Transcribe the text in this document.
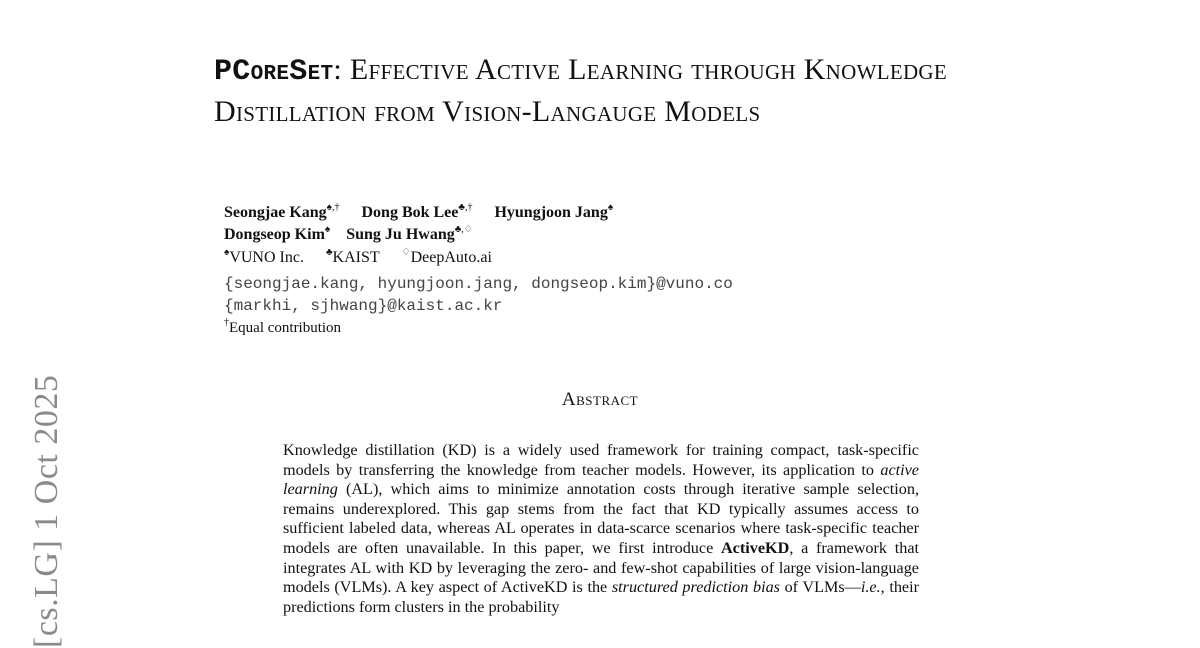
[cs.LG] 1 Oct 2025
PCoreSet: Effective Active Learning through Knowledge Distillation from Vision-Langauge Models
Seongjae Kang♠,† Dong Bok Lee♣,† Hyungjoon Jang♠
Dongseop Kim♠ Sung Ju Hwang♣,♢
♠VUNO Inc. ♣KAIST ♢DeepAuto.ai
{seongjae.kang, hyungjoon.jang, dongseop.kim}@vuno.co
{markhi, sjhwang}@kaist.ac.kr
†Equal contribution
Abstract
Knowledge distillation (KD) is a widely used framework for training compact, task-specific models by transferring the knowledge from teacher models. However, its application to active learning (AL), which aims to minimize annotation costs through iterative sample selection, remains underexplored. This gap stems from the fact that KD typically assumes access to sufficient labeled data, whereas AL operates in data-scarce scenarios where task-specific teacher models are often unavailable. In this paper, we first introduce ActiveKD, a framework that integrates AL with KD by leveraging the zero- and few-shot capabilities of large vision-language models (VLMs). A key aspect of ActiveKD is the structured prediction bias of VLMs—i.e., their predictions form clusters in the probability
